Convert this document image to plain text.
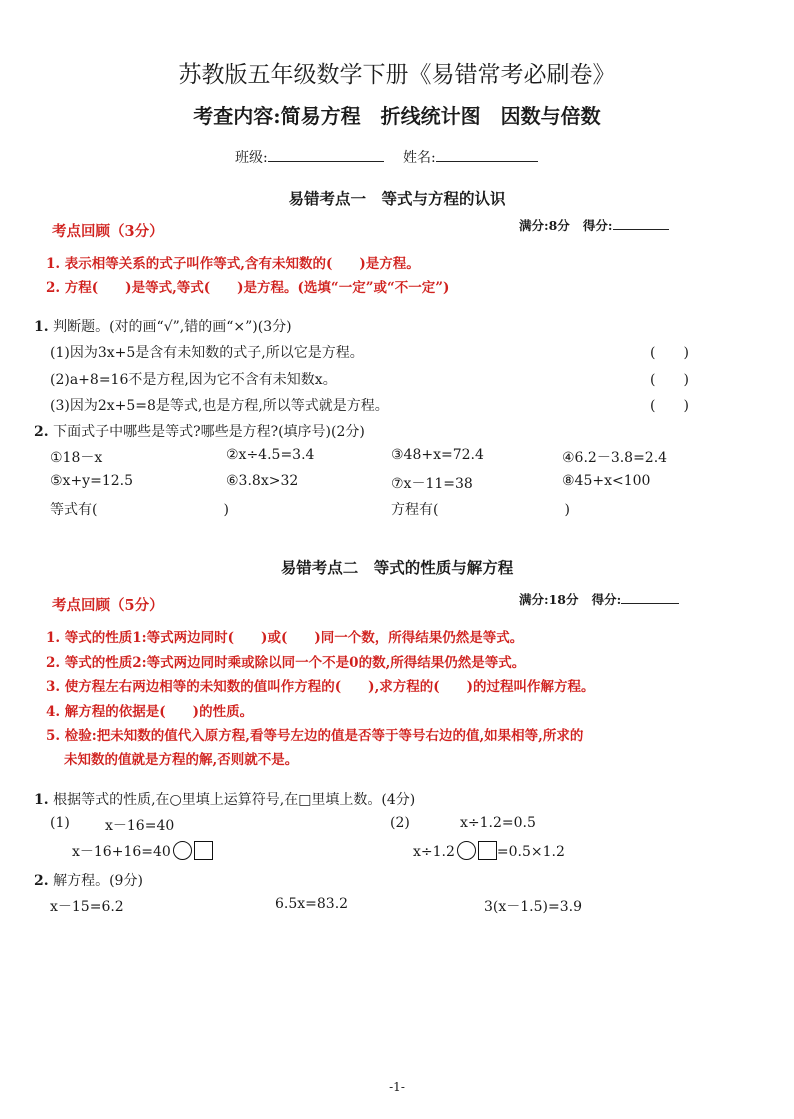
苏教版五年级数学下册《易错常考必刷卷》
考查内容:简易方程　折线统计图　因数与倍数
班级:	姓名:
易错考点一　等式与方程的认识
考点回顾（3分）	满分:8分 得分:
1. 表示相等关系的式子叫作等式,含有未知数的(　　)是方程。
2. 方程(　　)是等式,等式(　　)是方程。(选填“一定”或“不一定”)
1. 判断题。(对的画“√”,错的画“×”)(3分)
(1)因为3x+5是含有未知数的式子,所以它是方程。	(　　)
(2)a+8=16不是方程,因为它不含有未知数x。	(　　)
(3)因为2x+5=8是等式,也是方程,所以等式就是方程。	(　　)
2. 下面式子中哪些是等式?哪些是方程?(填序号)(2分)
①18－x	②x÷4.5=3.4	③48+x=72.4	④6.2－3.8=2.4
⑤x+y=12.5	⑥3.8x>32	⑦x－11=38	⑧45+x<100
等式有(　　　　　　　　　)	方程有(　　　　　　　　　)
易错考点二　等式的性质与解方程
考点回顾（5分）	满分:18分 得分:
1. 等式的性质1:等式两边同时(　　)或(　　)同一个数，所得结果仍然是等式。
2. 等式的性质2:等式两边同时乘或除以同一个不是0的数,所得结果仍然是等式。
3. 使方程左右两边相等的未知数的值叫作方程的(　　),求方程的(　　)的过程叫作解方程。
4. 解方程的依据是(　　)的性质。
5. 检验:把未知数的值代入原方程,看等号左边的值是否等于等号右边的值,如果相等,所求的
未知数的值就是方程的解,否则就不是。
1. 根据等式的性质,在○里填上运算符号,在□里填上数。(4分)
(1)	x－16=40	(2)	x÷1.2=0.5
x－16+16=40	x÷1.2	=0.5×1.2
2. 解方程。(9分)
x－15=6.2	6.5x=83.2	3(x－1.5)=3.9
-1-
